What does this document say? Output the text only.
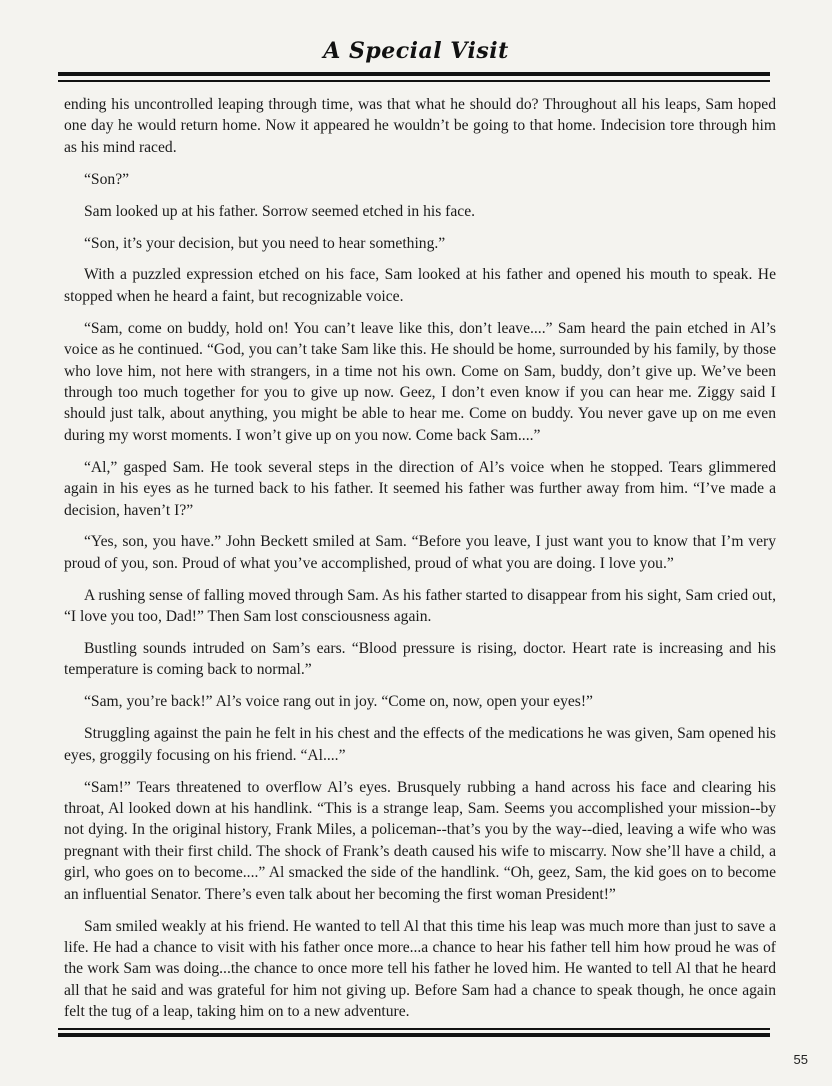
A Special Visit

ending his uncontrolled leaping through time, was that what he should do? Throughout all his leaps, Sam hoped one day he would return home. Now it appeared he wouldn’t be going to that home. Indecision tore through him as his mind raced.

“Son?”

Sam looked up at his father. Sorrow seemed etched in his face.

“Son, it’s your decision, but you need to hear something.”

With a puzzled expression etched on his face, Sam looked at his father and opened his mouth to speak. He stopped when he heard a faint, but recognizable voice.

“Sam, come on buddy, hold on! You can’t leave like this, don’t leave....” Sam heard the pain etched in Al’s voice as he continued. “God, you can’t take Sam like this. He should be home, surrounded by his family, by those who love him, not here with strangers, in a time not his own. Come on Sam, buddy, don’t give up. We’ve been through too much together for you to give up now. Geez, I don’t even know if you can hear me. Ziggy said I should just talk, about anything, you might be able to hear me. Come on buddy. You never gave up on me even during my worst moments. I won’t give up on you now. Come back Sam....”

“Al,” gasped Sam. He took several steps in the direction of Al’s voice when he stopped. Tears glimmered again in his eyes as he turned back to his father. It seemed his father was further away from him. “I’ve made a decision, haven’t I?”

“Yes, son, you have.” John Beckett smiled at Sam. “Before you leave, I just want you to know that I’m very proud of you, son. Proud of what you’ve accomplished, proud of what you are doing. I love you.”

A rushing sense of falling moved through Sam. As his father started to disappear from his sight, Sam cried out, “I love you too, Dad!” Then Sam lost consciousness again.

Bustling sounds intruded on Sam’s ears. “Blood pressure is rising, doctor. Heart rate is increasing and his temperature is coming back to normal.”

“Sam, you’re back!” Al’s voice rang out in joy. “Come on, now, open your eyes!”

Struggling against the pain he felt in his chest and the effects of the medications he was given, Sam opened his eyes, groggily focusing on his friend. “Al....”

“Sam!” Tears threatened to overflow Al’s eyes. Brusquely rubbing a hand across his face and clearing his throat, Al looked down at his handlink. “This is a strange leap, Sam. Seems you accomplished your mission--by not dying. In the original history, Frank Miles, a policeman--that’s you by the way--died, leaving a wife who was pregnant with their first child. The shock of Frank’s death caused his wife to miscarry. Now she’ll have a child, a girl, who goes on to become....” Al smacked the side of the handlink. “Oh, geez, Sam, the kid goes on to become an influential Senator. There’s even talk about her becoming the first woman President!”

Sam smiled weakly at his friend. He wanted to tell Al that this time his leap was much more than just to save a life. He had a chance to visit with his father once more...a chance to hear his father tell him how proud he was of the work Sam was doing...the chance to once more tell his father he loved him. He wanted to tell Al that he heard all that he said and was grateful for him not giving up. Before Sam had a chance to speak though, he once again felt the tug of a leap, taking him on to a new adventure.

55
